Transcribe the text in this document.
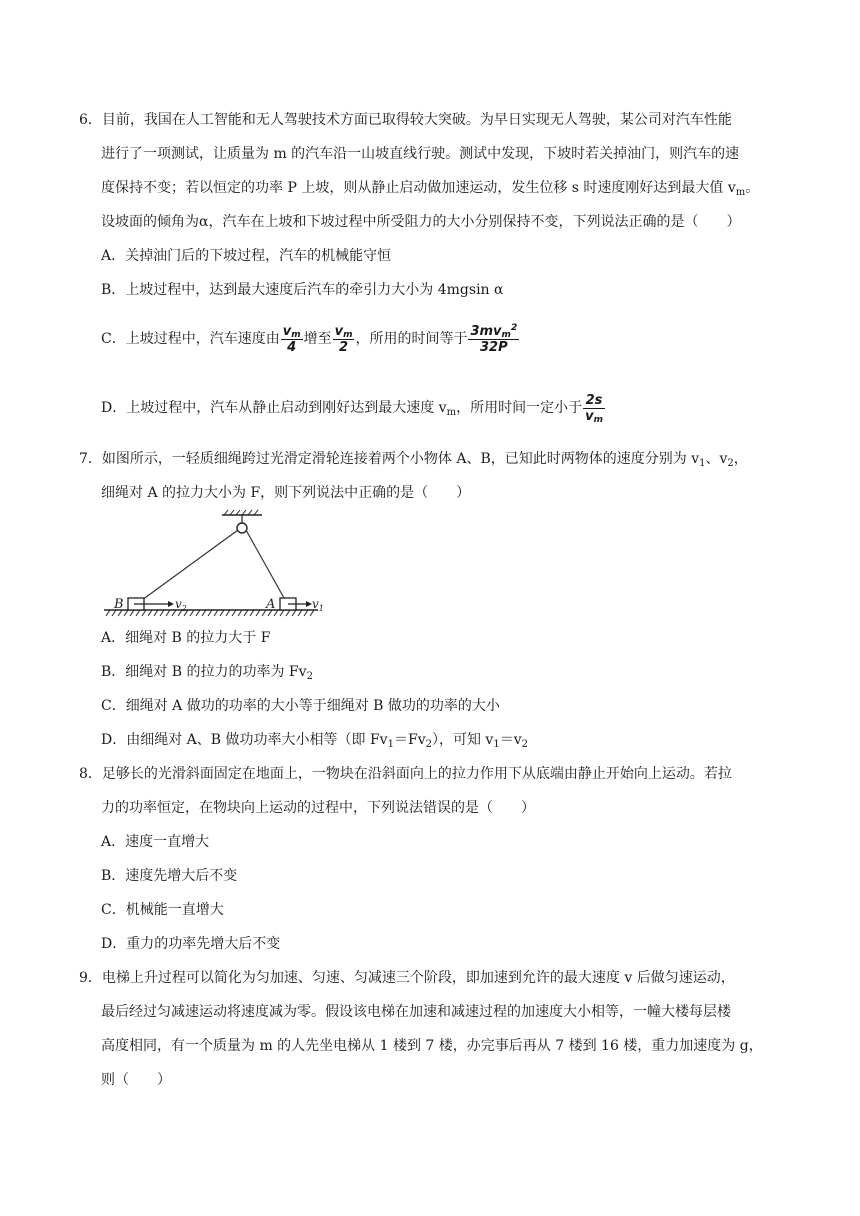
6．目前，我国在人工智能和无人驾驶技术方面已取得较大突破。为早日实现无人驾驶，某公司对汽车性能
进行了一项测试，让质量为 m 的汽车沿一山坡直线行驶。测试中发现，下坡时若关掉油门，则汽车的速
度保持不变；若以恒定的功率 P 上坡，则从静止启动做加速运动，发生位移 s 时速度刚好达到最大值 $v_m$。
设坡面的倾角为α，汽车在上坡和下坡过程中所受阻力的大小分别保持不变，下列说法正确的是（　　）
A．关掉油门后的下坡过程，汽车的机械能守恒
B．上坡过程中，达到最大速度后汽车的牵引力大小为 4mgsin α
C．上坡过程中，汽车速度由 $\frac{v_m}{4}$ 增至 $\frac{v_m}{2}$ ，所用的时间等于 $\frac{3mv_m^2}{32P}$
D．上坡过程中，汽车从静止启动到刚好达到最大速度 $v_m$，所用时间一定小于 $\frac{2s}{v_m}$
7．如图所示，一轻质细绳跨过光滑定滑轮连接着两个小物体 A、B，已知此时两物体的速度分别为 $v_1$、$v_2$，
细绳对 A 的拉力大小为 F，则下列说法中正确的是（　　）
B	$v_2$	A	$v_1$
A．细绳对 B 的拉力大于 F
B．细绳对 B 的拉力的功率为 $Fv_2$
C．细绳对 A 做功的功率的大小等于细绳对 B 做功的功率的大小
D．由细绳对 A、B 做功功率大小相等（即 $Fv_1=Fv_2$），可知 $v_1=v_2$
8．足够长的光滑斜面固定在地面上，一物块在沿斜面向上的拉力作用下从底端由静止开始向上运动。若拉
力的功率恒定，在物块向上运动的过程中，下列说法错误的是（　　）
A．速度一直增大
B．速度先增大后不变
C．机械能一直增大
D．重力的功率先增大后不变
9．电梯上升过程可以简化为匀加速、匀速、匀减速三个阶段，即加速到允许的最大速度 v 后做匀速运动，
最后经过匀减速运动将速度减为零。假设该电梯在加速和减速过程的加速度大小相等，一幢大楼每层楼
高度相同，有一个质量为 m 的人先坐电梯从 1 楼到 7 楼，办完事后再从 7 楼到 16 楼，重力加速度为 g，
则（　　）
